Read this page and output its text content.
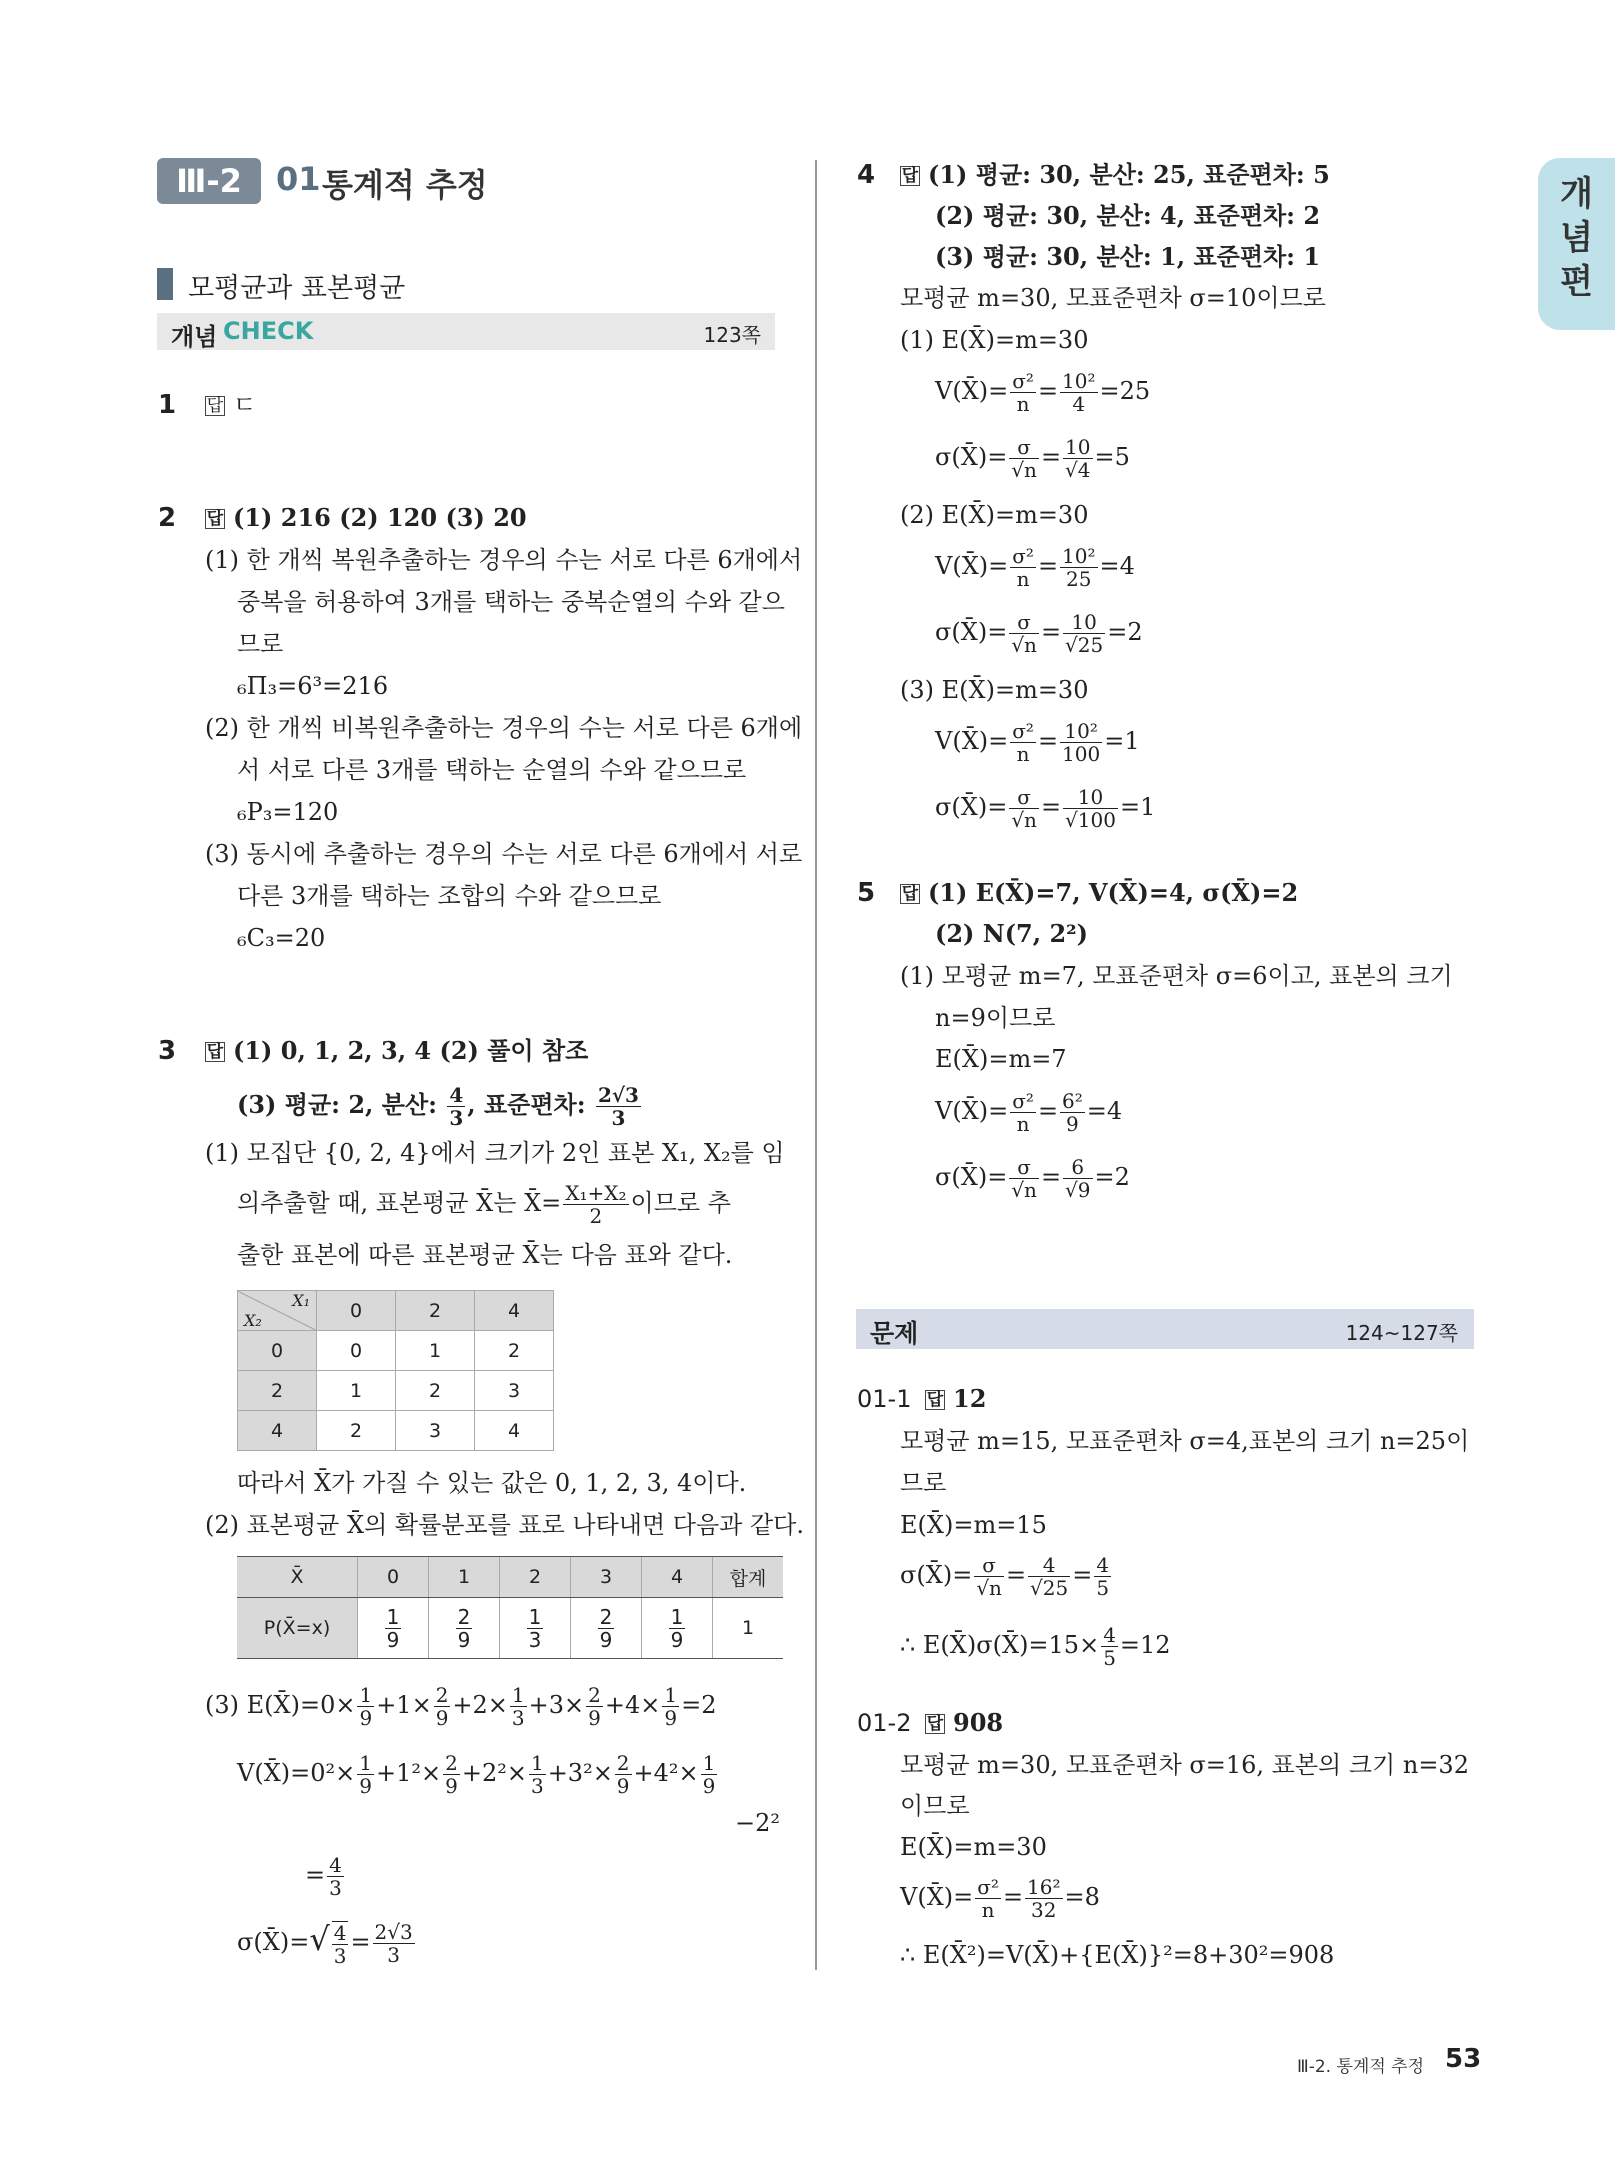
Ⅲ-2	01 통계적 추정	개
념
편
모평균과 표본평균
개념 CHECK	123쪽
1 답 ㄷ
2 답 (1) 216 (2) 120 (3) 20
(1) 한 개씩 복원추출하는 경우의 수는 서로 다른 6개에서
중복을 허용하여 3개를 택하는 중복순열의 수와 같으
므로
₆Π₃=6³=216
(2) 한 개씩 비복원추출하는 경우의 수는 서로 다른 6개에
서 서로 다른 3개를 택하는 순열의 수와 같으므로
₆P₃=120
(3) 동시에 추출하는 경우의 수는 서로 다른 6개에서 서로
다른 3개를 택하는 조합의 수와 같으므로
₆C₃=20
3 답 (1) 0, 1, 2, 3, 4 (2) 풀이 참조
(3) 평균: 2, 분산: $\frac{4}{3}$ , 표준편차: $\frac{2√3}{3}$
(1) 모집단 {0, 2, 4}에서 크기가 2인 표본 X₁, X₂를 임
의추출할 때, 표본평균 X̄는 X̄= $\frac{\text{X₁+X₂}}{2}$ 이므로 추
출한 표본에 따른 표본평균 X̄는 다음 표와 같다.
X₁
X₂	0	2	4
0	0	1	2
2	1	2	3
4	2	3	4
따라서 X̄가 가질 수 있는 값은 0, 1, 2, 3, 4이다.
(2) 표본평균 X̄의 확률분포를 표로 나타내면 다음과 같다.
X̄	0	1	2	3	4	합계
P(X̄=x)	$\frac{1}{9}$	$\frac{2}{9}$	$\frac{1}{3}$	$\frac{2}{9}$	$\frac{1}{9}$	1
(3) E(X̄)=0× $\frac{1}{9} +1\times \frac{2}{9} +2\times \frac{1}{3} +3\times \frac{2}{9} +4\times \frac{1}{9} =2$
V(X̄)=0²× $\frac{1}{9} +1^2\times \frac{2}{9} +2^2\times \frac{1}{3} +3^2\times \frac{2}{9} +4^2\times \frac{1}{9}$
−2²
= $\frac{4}{3}$
σ(X̄)=√ $\frac{4}{3} = \frac{2√3}{3}$
4 답 (1) 평균: 30, 분산: 25, 표준편차: 5
(2) 평균: 30, 분산: 4, 표준편차: 2
(3) 평균: 30, 분산: 1, 표준편차: 1
모평균 m=30, 모표준편차 σ=10이므로
(1) E(X̄)=m=30
V(X̄)= $\frac{\text{σ²}}{n} = \frac{\text{10²}}{4} =25$
σ(X̄)= $\frac{\sigma}{√n} = \frac{10}{√4} =5$
(2) E(X̄)=m=30
V(X̄)= $\frac{\text{σ²}}{n} = \frac{\text{10²}}{25} =4$
σ(X̄)= $\frac{\sigma}{√n} = \frac{10}{√25} =2$
(3) E(X̄)=m=30
V(X̄)= $\frac{\text{σ²}}{n} = \frac{\text{10²}}{100} =1$
σ(X̄)= $\frac{\sigma}{√n} = \frac{10}{√100} =1$
5 답 (1) E(X̄)=7, V(X̄)=4, σ(X̄)=2
(2) N(7, 2²)
(1) 모평균 m=7, 모표준편차 σ=6이고, 표본의 크기
n=9이므로
E(X̄)=m=7
V(X̄)= $\frac{\text{σ²}}{n} = \frac{\text{6²}}{9} =4$
σ(X̄)= $\frac{\sigma}{√n} = \frac{6}{√9} =2$
문제	124~127쪽
01-1 답 12
모평균 m=15, 모표준편차 σ=4,표본의 크기 n=25이
므로
E(X̄)=m=15
σ(X̄)= $\frac{\sigma}{√n} = \frac{4}{√25} = \frac{4}{5}$
∴ E(X̄)σ(X̄)=15× $\frac{4}{5} =12$
01-2 답 908
모평균 m=30, 모표준편차 σ=16, 표본의 크기 n=32
이므로
E(X̄)=m=30
V(X̄)= $\frac{\text{σ²}}{n} = \frac{\text{16²}}{32} =8$
∴ E(X̄²)=V(X̄)+{E(X̄)}²=8+30²=908
Ⅲ-2. 통계적 추정 53
